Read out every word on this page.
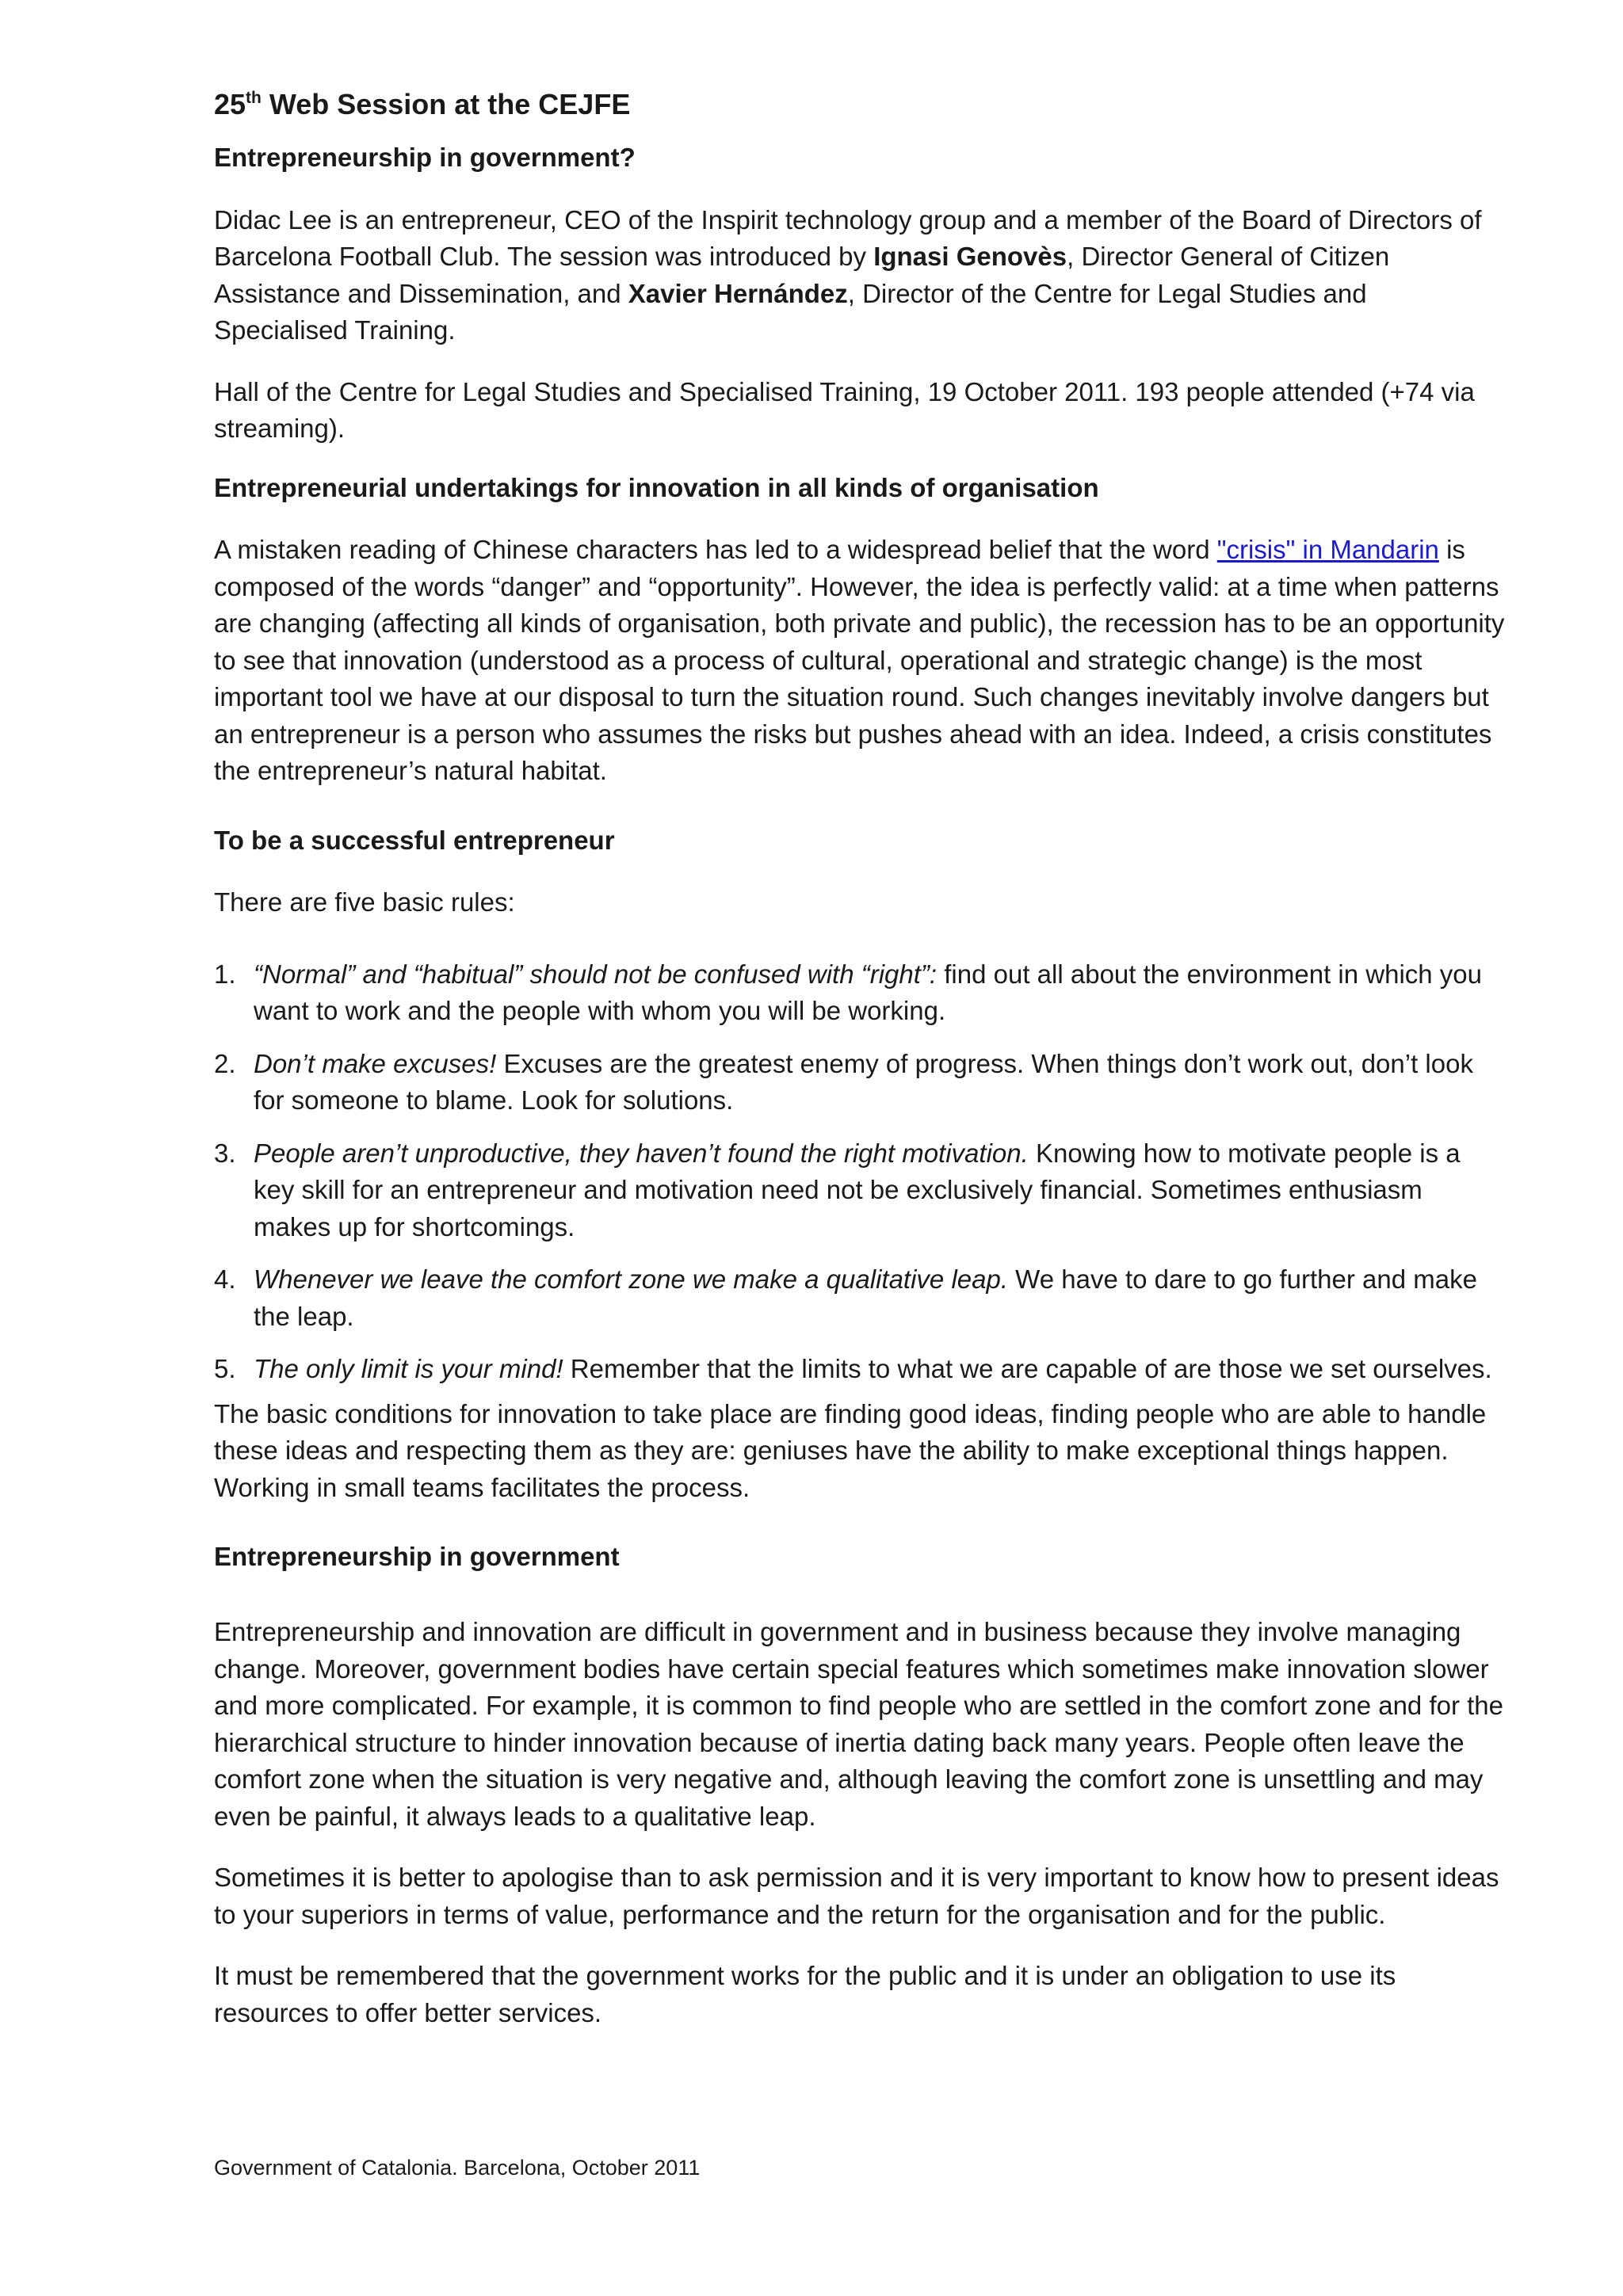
25th Web Session at the CEJFE
Entrepreneurship in government?

Didac Lee is an entrepreneur, CEO of the Inspirit technology group and a member of the Board of Directors of Barcelona Football Club. The session was introduced by Ignasi Genovès, Director General of Citizen Assistance and Dissemination, and Xavier Hernández, Director of the Centre for Legal Studies and Specialised Training.

Hall of the Centre for Legal Studies and Specialised Training, 19 October 2011. 193 people attended (+74 via streaming).

Entrepreneurial undertakings for innovation in all kinds of organisation

A mistaken reading of Chinese characters has led to a widespread belief that the word "crisis" in Mandarin is composed of the words “danger” and “opportunity”. However, the idea is perfectly valid: at a time when patterns are changing (affecting all kinds of organisation, both private and public), the recession has to be an opportunity to see that innovation (understood as a process of cultural, operational and strategic change) is the most important tool we have at our disposal to turn the situation round. Such changes inevitably involve dangers but an entrepreneur is a person who assumes the risks but pushes ahead with an idea. Indeed, a crisis constitutes the entrepreneur’s natural habitat.

To be a successful entrepreneur

There are five basic rules:

1. “Normal” and “habitual” should not be confused with “right”: find out all about the environment in which you want to work and the people with whom you will be working.
2. Don’t make excuses! Excuses are the greatest enemy of progress. When things don’t work out, don’t look for someone to blame. Look for solutions.
3. People aren’t unproductive, they haven’t found the right motivation. Knowing how to motivate people is a key skill for an entrepreneur and motivation need not be exclusively financial. Sometimes enthusiasm makes up for shortcomings.
4. Whenever we leave the comfort zone we make a qualitative leap. We have to dare to go further and make the leap.
5. The only limit is your mind! Remember that the limits to what we are capable of are those we set ourselves.

The basic conditions for innovation to take place are finding good ideas, finding people who are able to handle these ideas and respecting them as they are: geniuses have the ability to make exceptional things happen. Working in small teams facilitates the process.

Entrepreneurship in government

Entrepreneurship and innovation are difficult in government and in business because they involve managing change. Moreover, government bodies have certain special features which sometimes make innovation slower and more complicated. For example, it is common to find people who are settled in the comfort zone and for the hierarchical structure to hinder innovation because of inertia dating back many years. People often leave the comfort zone when the situation is very negative and, although leaving the comfort zone is unsettling and may even be painful, it always leads to a qualitative leap.

Sometimes it is better to apologise than to ask permission and it is very important to know how to present ideas to your superiors in terms of value, performance and the return for the organisation and for the public.

It must be remembered that the government works for the public and it is under an obligation to use its resources to offer better services.

Government of Catalonia. Barcelona, October 2011
